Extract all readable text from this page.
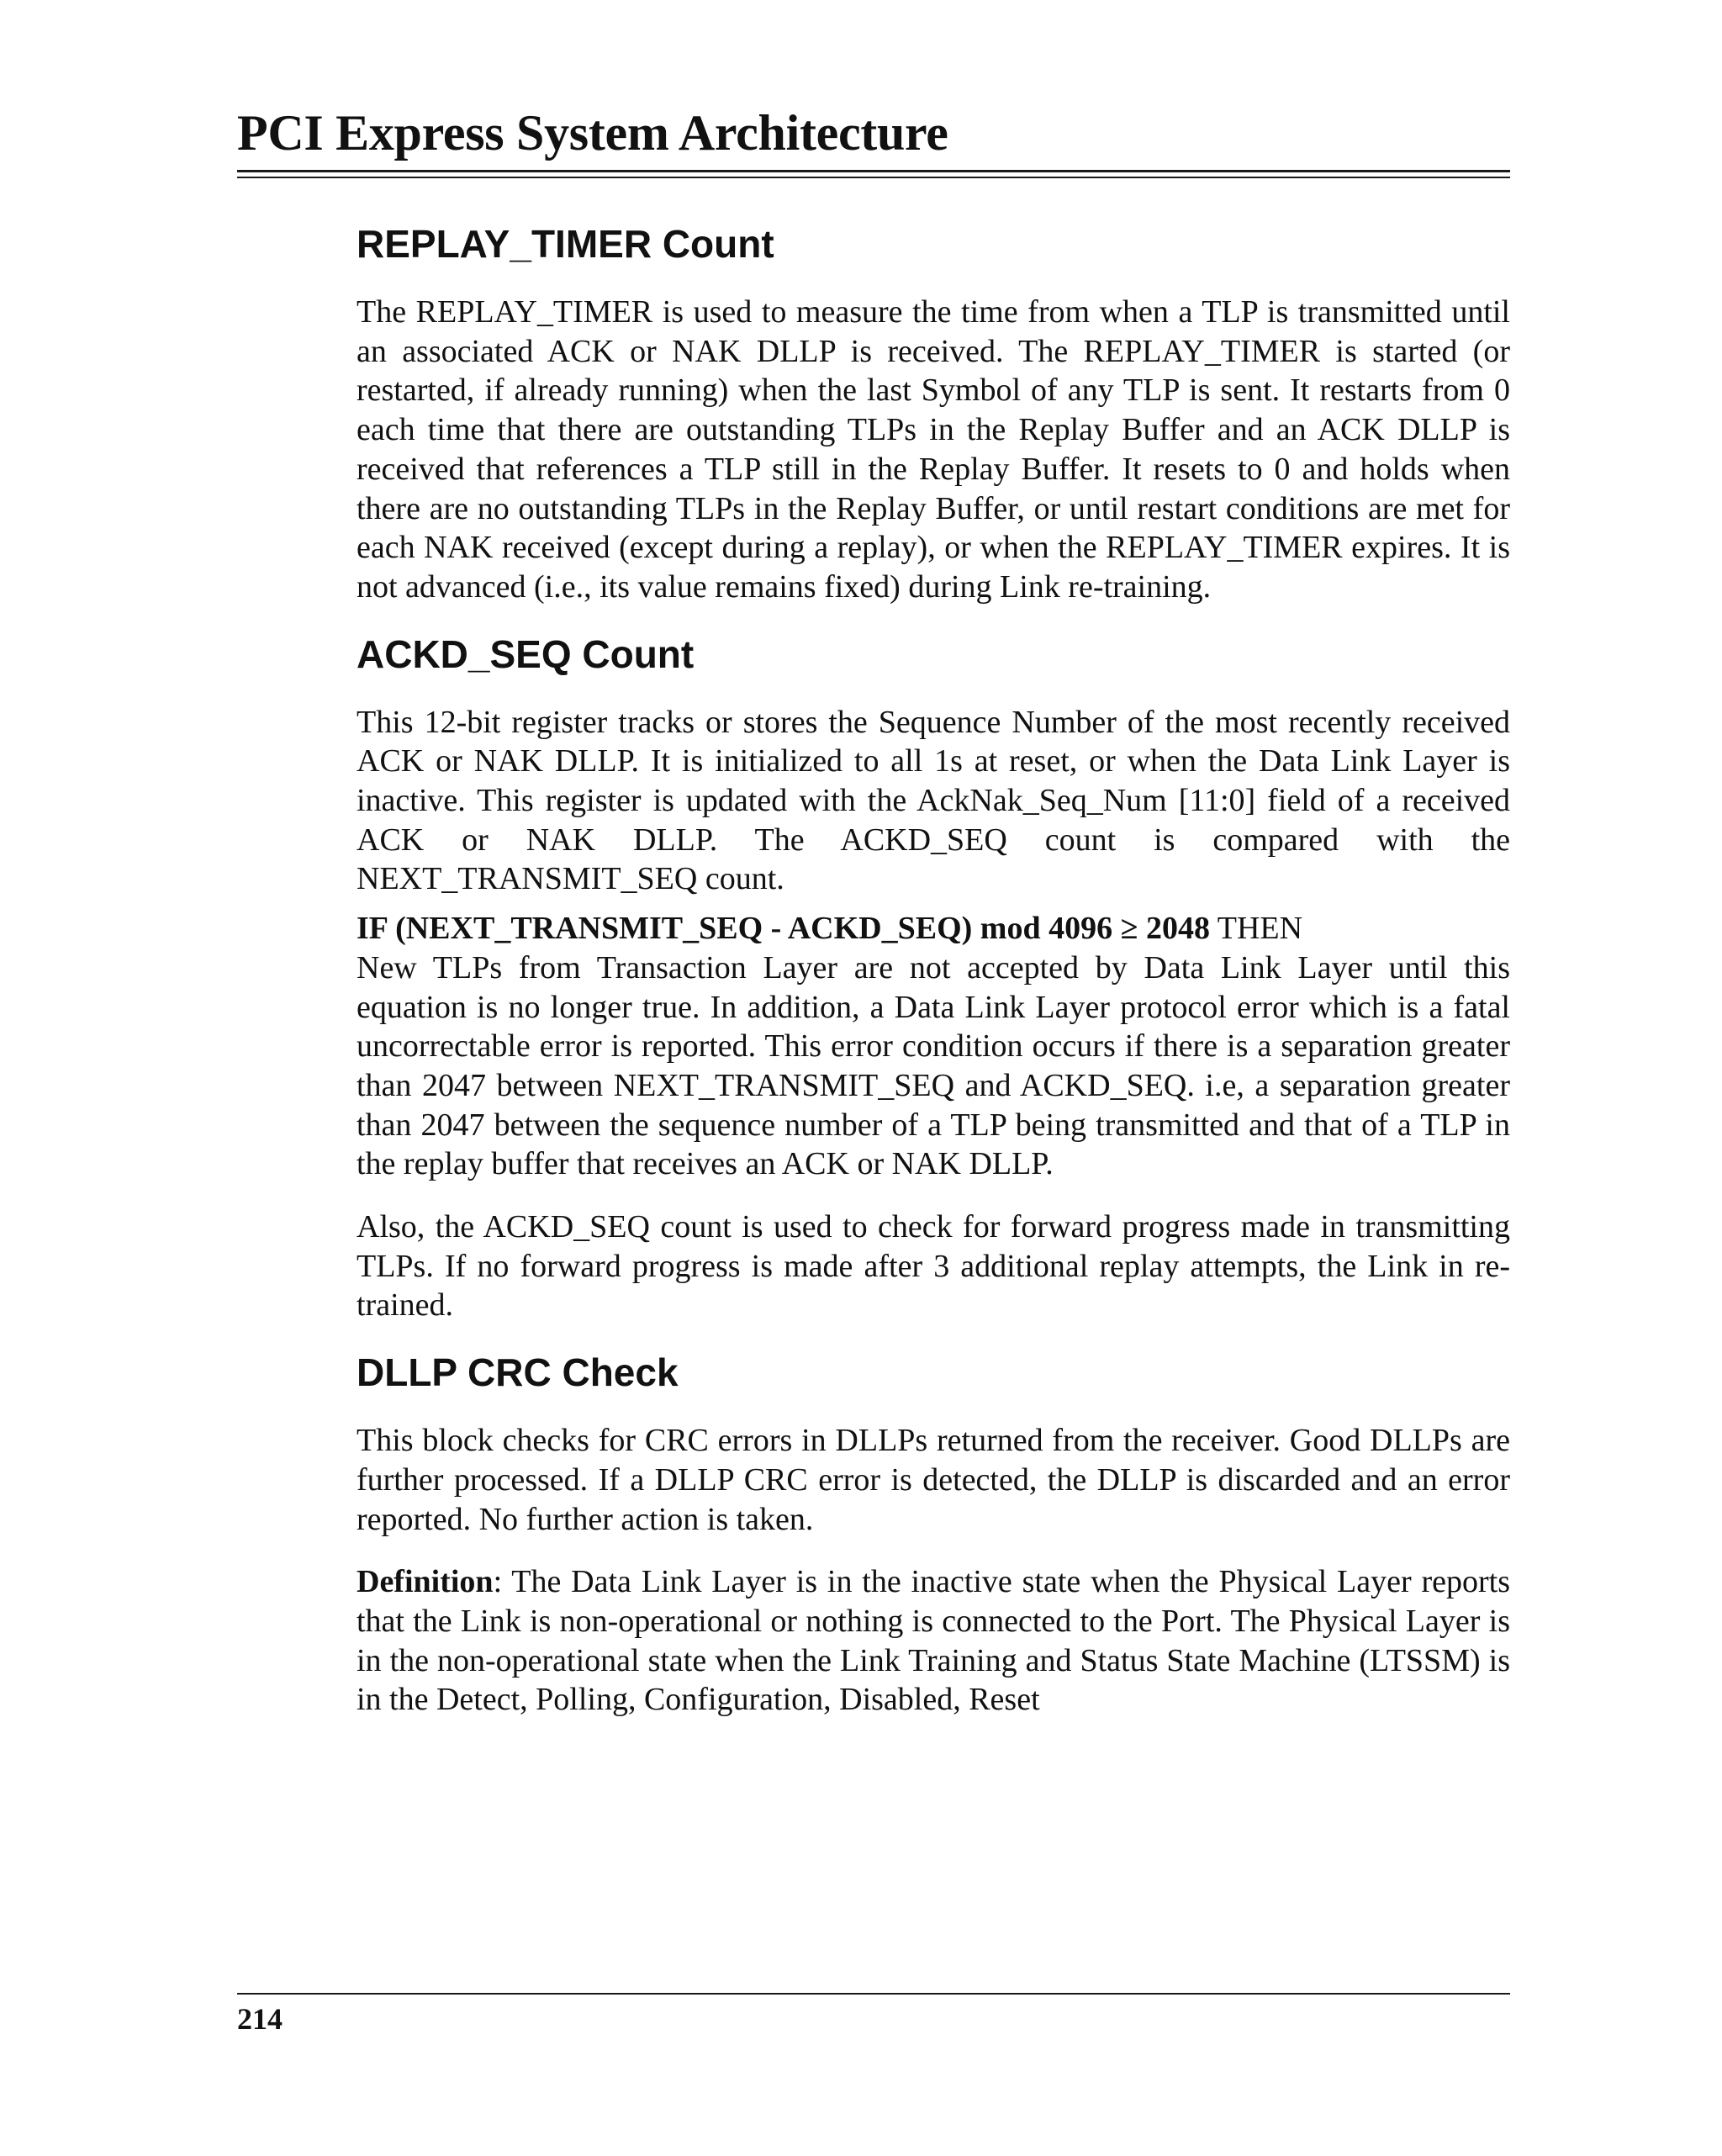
PCI Express System Architecture
REPLAY_TIMER Count

The REPLAY_TIMER is used to measure the time from when a TLP is transmitted until an associated ACK or NAK DLLP is received. The REPLAY_TIMER is started (or restarted, if already running) when the last Symbol of any TLP is sent. It restarts from 0 each time that there are outstanding TLPs in the Replay Buffer and an ACK DLLP is received that references a TLP still in the Replay Buffer. It resets to 0 and holds when there are no outstanding TLPs in the Replay Buffer, or until restart conditions are met for each NAK received (except during a replay), or when the REPLAY_TIMER expires. It is not advanced (i.e., its value remains fixed) during Link re-training.

ACKD_SEQ Count

This 12-bit register tracks or stores the Sequence Number of the most recently received ACK or NAK DLLP. It is initialized to all 1s at reset, or when the Data Link Layer is inactive. This register is updated with the AckNak_Seq_Num [11:0] field of a received ACK or NAK DLLP. The ACKD_SEQ count is compared with the NEXT_TRANSMIT_SEQ count.

IF (NEXT_TRANSMIT_SEQ - ACKD_SEQ) mod 4096 ≥ 2048 THEN
New TLPs from Transaction Layer are not accepted by Data Link Layer until this equation is no longer true. In addition, a Data Link Layer protocol error which is a fatal uncorrectable error is reported. This error condition occurs if there is a separation greater than 2047 between NEXT_TRANSMIT_SEQ and ACKD_SEQ. i.e, a separation greater than 2047 between the sequence number of a TLP being transmitted and that of a TLP in the replay buffer that receives an ACK or NAK DLLP.

Also, the ACKD_SEQ count is used to check for forward progress made in transmitting TLPs. If no forward progress is made after 3 additional replay attempts, the Link in re-trained.

DLLP CRC Check

This block checks for CRC errors in DLLPs returned from the receiver. Good DLLPs are further processed. If a DLLP CRC error is detected, the DLLP is discarded and an error reported. No further action is taken.

Definition: The Data Link Layer is in the inactive state when the Physical Layer reports that the Link is non-operational or nothing is connected to the Port. The Physical Layer is in the non-operational state when the Link Training and Status State Machine (LTSSM) is in the Detect, Polling, Configuration, Disabled, Reset

214
